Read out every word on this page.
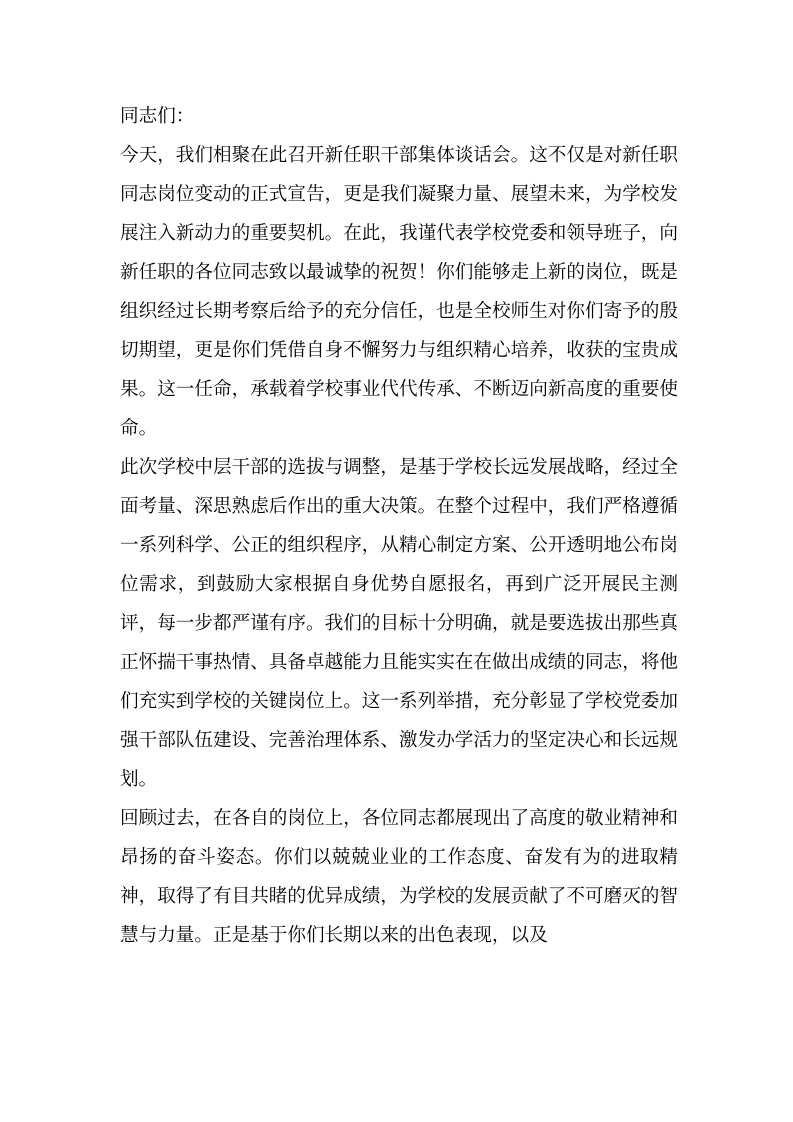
同志们：

今天，我们相聚在此召开新任职干部集体谈话会。这不仅是对新任职同志岗位变动的正式宣告，更是我们凝聚力量、展望未来，为学校发展注入新动力的重要契机。在此，我谨代表学校党委和领导班子，向新任职的各位同志致以最诚挚的祝贺！你们能够走上新的岗位，既是组织经过长期考察后给予的充分信任，也是全校师生对你们寄予的殷切期望，更是你们凭借自身不懈努力与组织精心培养，收获的宝贵成果。这一任命，承载着学校事业代代传承、不断迈向新高度的重要使命。

此次学校中层干部的选拔与调整，是基于学校长远发展战略，经过全面考量、深思熟虑后作出的重大决策。在整个过程中，我们严格遵循一系列科学、公正的组织程序，从精心制定方案、公开透明地公布岗位需求，到鼓励大家根据自身优势自愿报名，再到广泛开展民主测评，每一步都严谨有序。我们的目标十分明确，就是要选拔出那些真正怀揣干事热情、具备卓越能力且能实实在在做出成绩的同志，将他们充实到学校的关键岗位上。这一系列举措，充分彰显了学校党委加强干部队伍建设、完善治理体系、激发办学活力的坚定决心和长远规划。

回顾过去，在各自的岗位上，各位同志都展现出了高度的敬业精神和昂扬的奋斗姿态。你们以兢兢业业的工作态度、奋发有为的进取精神，取得了有目共睹的优异成绩，为学校的发展贡献了不可磨灭的智慧与力量。正是基于你们长期以来的出色表现，以及
